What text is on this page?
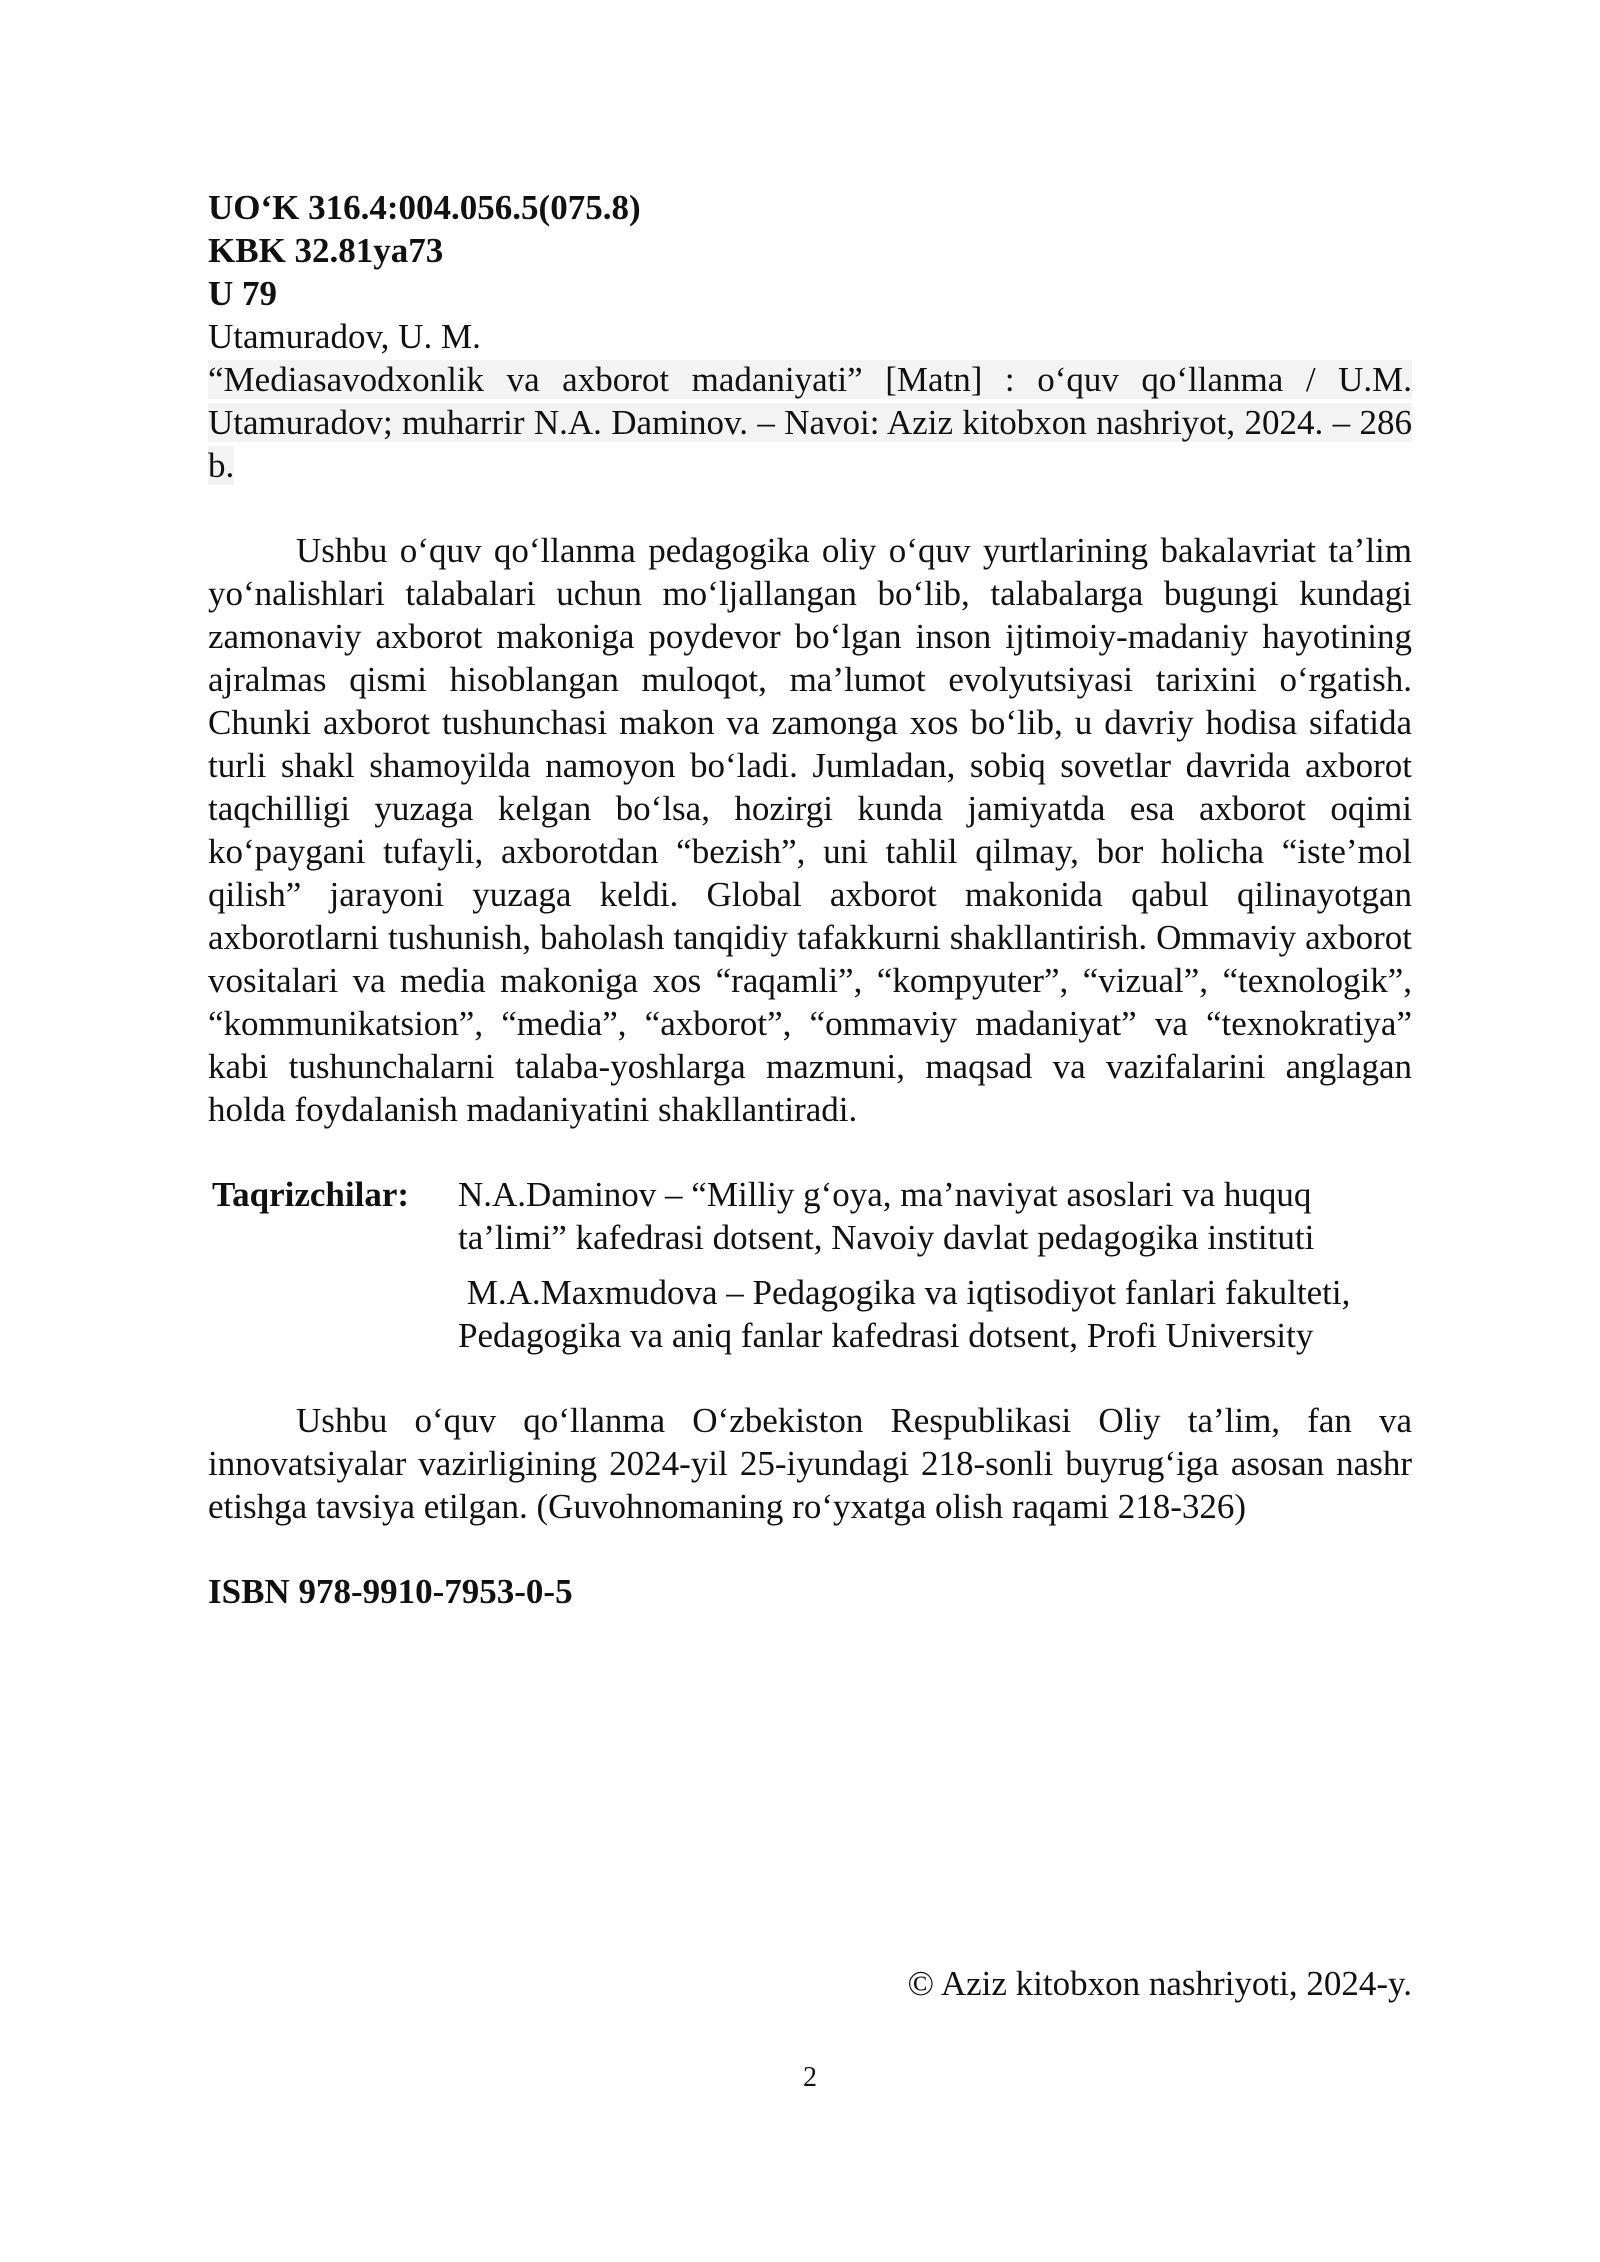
UO‘K 316.4:004.056.5(075.8)
KBK 32.81ya73
U 79
Utamuradov, U. M.
“Mediasavodxonlik va axborot madaniyati” [Matn] : o‘quv qo‘llanma / U.M. Utamuradov; muharrir N.A. Daminov. – Navoi: Aziz kitobxon nashriyot, 2024. – 286 b.

Ushbu o‘quv qo‘llanma pedagogika oliy o‘quv yurtlarining bakalavriat ta’lim yo‘nalishlari talabalari uchun mo‘ljallangan bo‘lib, talabalarga bugungi kundagi zamonaviy axborot makoniga poydevor bo‘lgan inson ijtimoiy-madaniy hayotining ajralmas qismi hisoblangan muloqot, ma’lumot evolyutsiyasi tarixini o‘rgatish. Chunki axborot tushunchasi makon va zamonga xos bo‘lib, u davriy hodisa sifatida turli shakl shamoyilda namoyon bo‘ladi. Jumladan, sobiq sovetlar davrida axborot taqchilligi yuzaga kelgan bo‘lsa, hozirgi kunda jamiyatda esa axborot oqimi ko‘paygani tufayli, axborotdan “bezish”, uni tahlil qilmay, bor holicha “iste’mol qilish” jarayoni yuzaga keldi. Global axborot makonida qabul qilinayotgan axborotlarni tushunish, baholash tanqidiy tafakkurni shakllantirish. Ommaviy axborot vositalari va media makoniga xos “raqamli”, “kompyuter”, “vizual”, “texnologik”, “kommunikatsion”, “media”, “axborot”, “ommaviy madaniyat” va “texnokratiya” kabi tushunchalarni talaba-yoshlarga mazmuni, maqsad va vazifalarini anglagan holda foydalanish madaniyatini shakllantiradi.

Taqrizchilar: N.A.Daminov – “Milliy g‘oya, ma’naviyat asoslari va huquq
ta’limi” kafedrasi dotsent, Navoiy davlat pedagogika instituti
M.A.Maxmudova – Pedagogika va iqtisodiyot fanlari fakulteti,
Pedagogika va aniq fanlar kafedrasi dotsent, Profi University

Ushbu o‘quv qo‘llanma O‘zbekiston Respublikasi Oliy ta’lim, fan va innovatsiyalar vazirligining 2024-yil 25-iyundagi 218-sonli buyrug‘iga asosan nashr etishga tavsiya etilgan. (Guvohnomaning ro‘yxatga olish raqami 218-326)

ISBN 978-9910-7953-0-5
© Aziz kitobxon nashriyoti, 2024-y.
2
